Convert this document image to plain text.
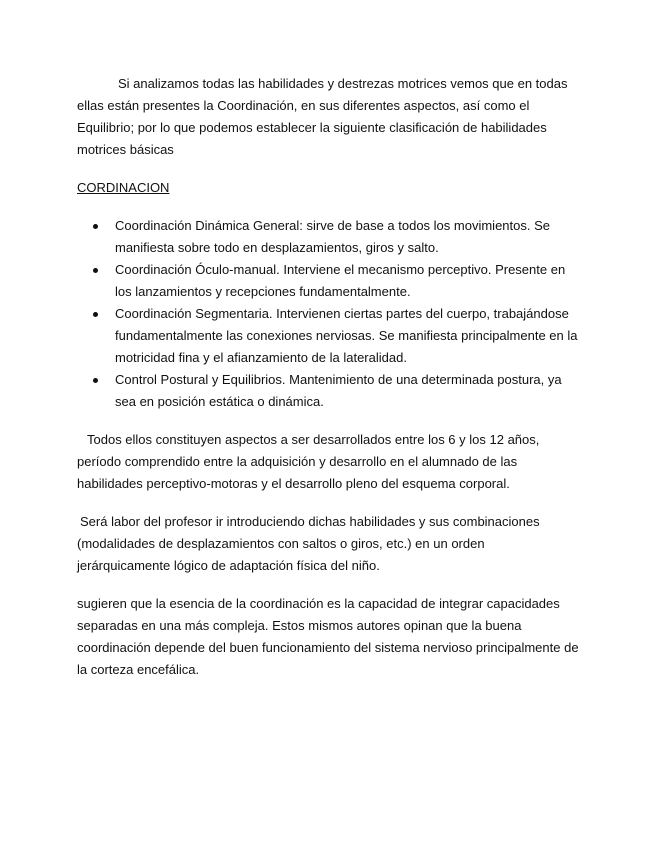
Si analizamos todas las habilidades y destrezas motrices vemos que en todas ellas están presentes la Coordinación, en sus diferentes aspectos, así como el Equilibrio; por lo que podemos establecer la siguiente clasificación de habilidades motrices básicas

CORDINACION

Coordinación Dinámica General: sirve de base a todos los movimientos. Se manifiesta sobre todo en desplazamientos, giros y salto.
Coordinación Óculo-manual. Interviene el mecanismo perceptivo. Presente en los lanzamientos y recepciones fundamentalmente.
Coordinación Segmentaria. Intervienen ciertas partes del cuerpo, trabajándose fundamentalmente las conexiones nerviosas. Se manifiesta principalmente en la motricidad fina y el afianzamiento de la lateralidad.
Control Postural y Equilibrios. Mantenimiento de una determinada postura, ya sea en posición estática o dinámica.

Todos ellos constituyen aspectos a ser desarrollados entre los 6 y los 12 años, período comprendido entre la adquisición y desarrollo en el alumnado de las habilidades perceptivo-motoras y el desarrollo pleno del esquema corporal.

Será labor del profesor ir introduciendo dichas habilidades y sus combinaciones (modalidades de desplazamientos con saltos o giros, etc.) en un orden jerárquicamente lógico de adaptación física del niño.

sugieren que la esencia de la coordinación es la capacidad de integrar capacidades separadas en una más compleja. Estos mismos autores opinan que la buena coordinación depende del buen funcionamiento del sistema nervioso principalmente de la corteza encefálica.
